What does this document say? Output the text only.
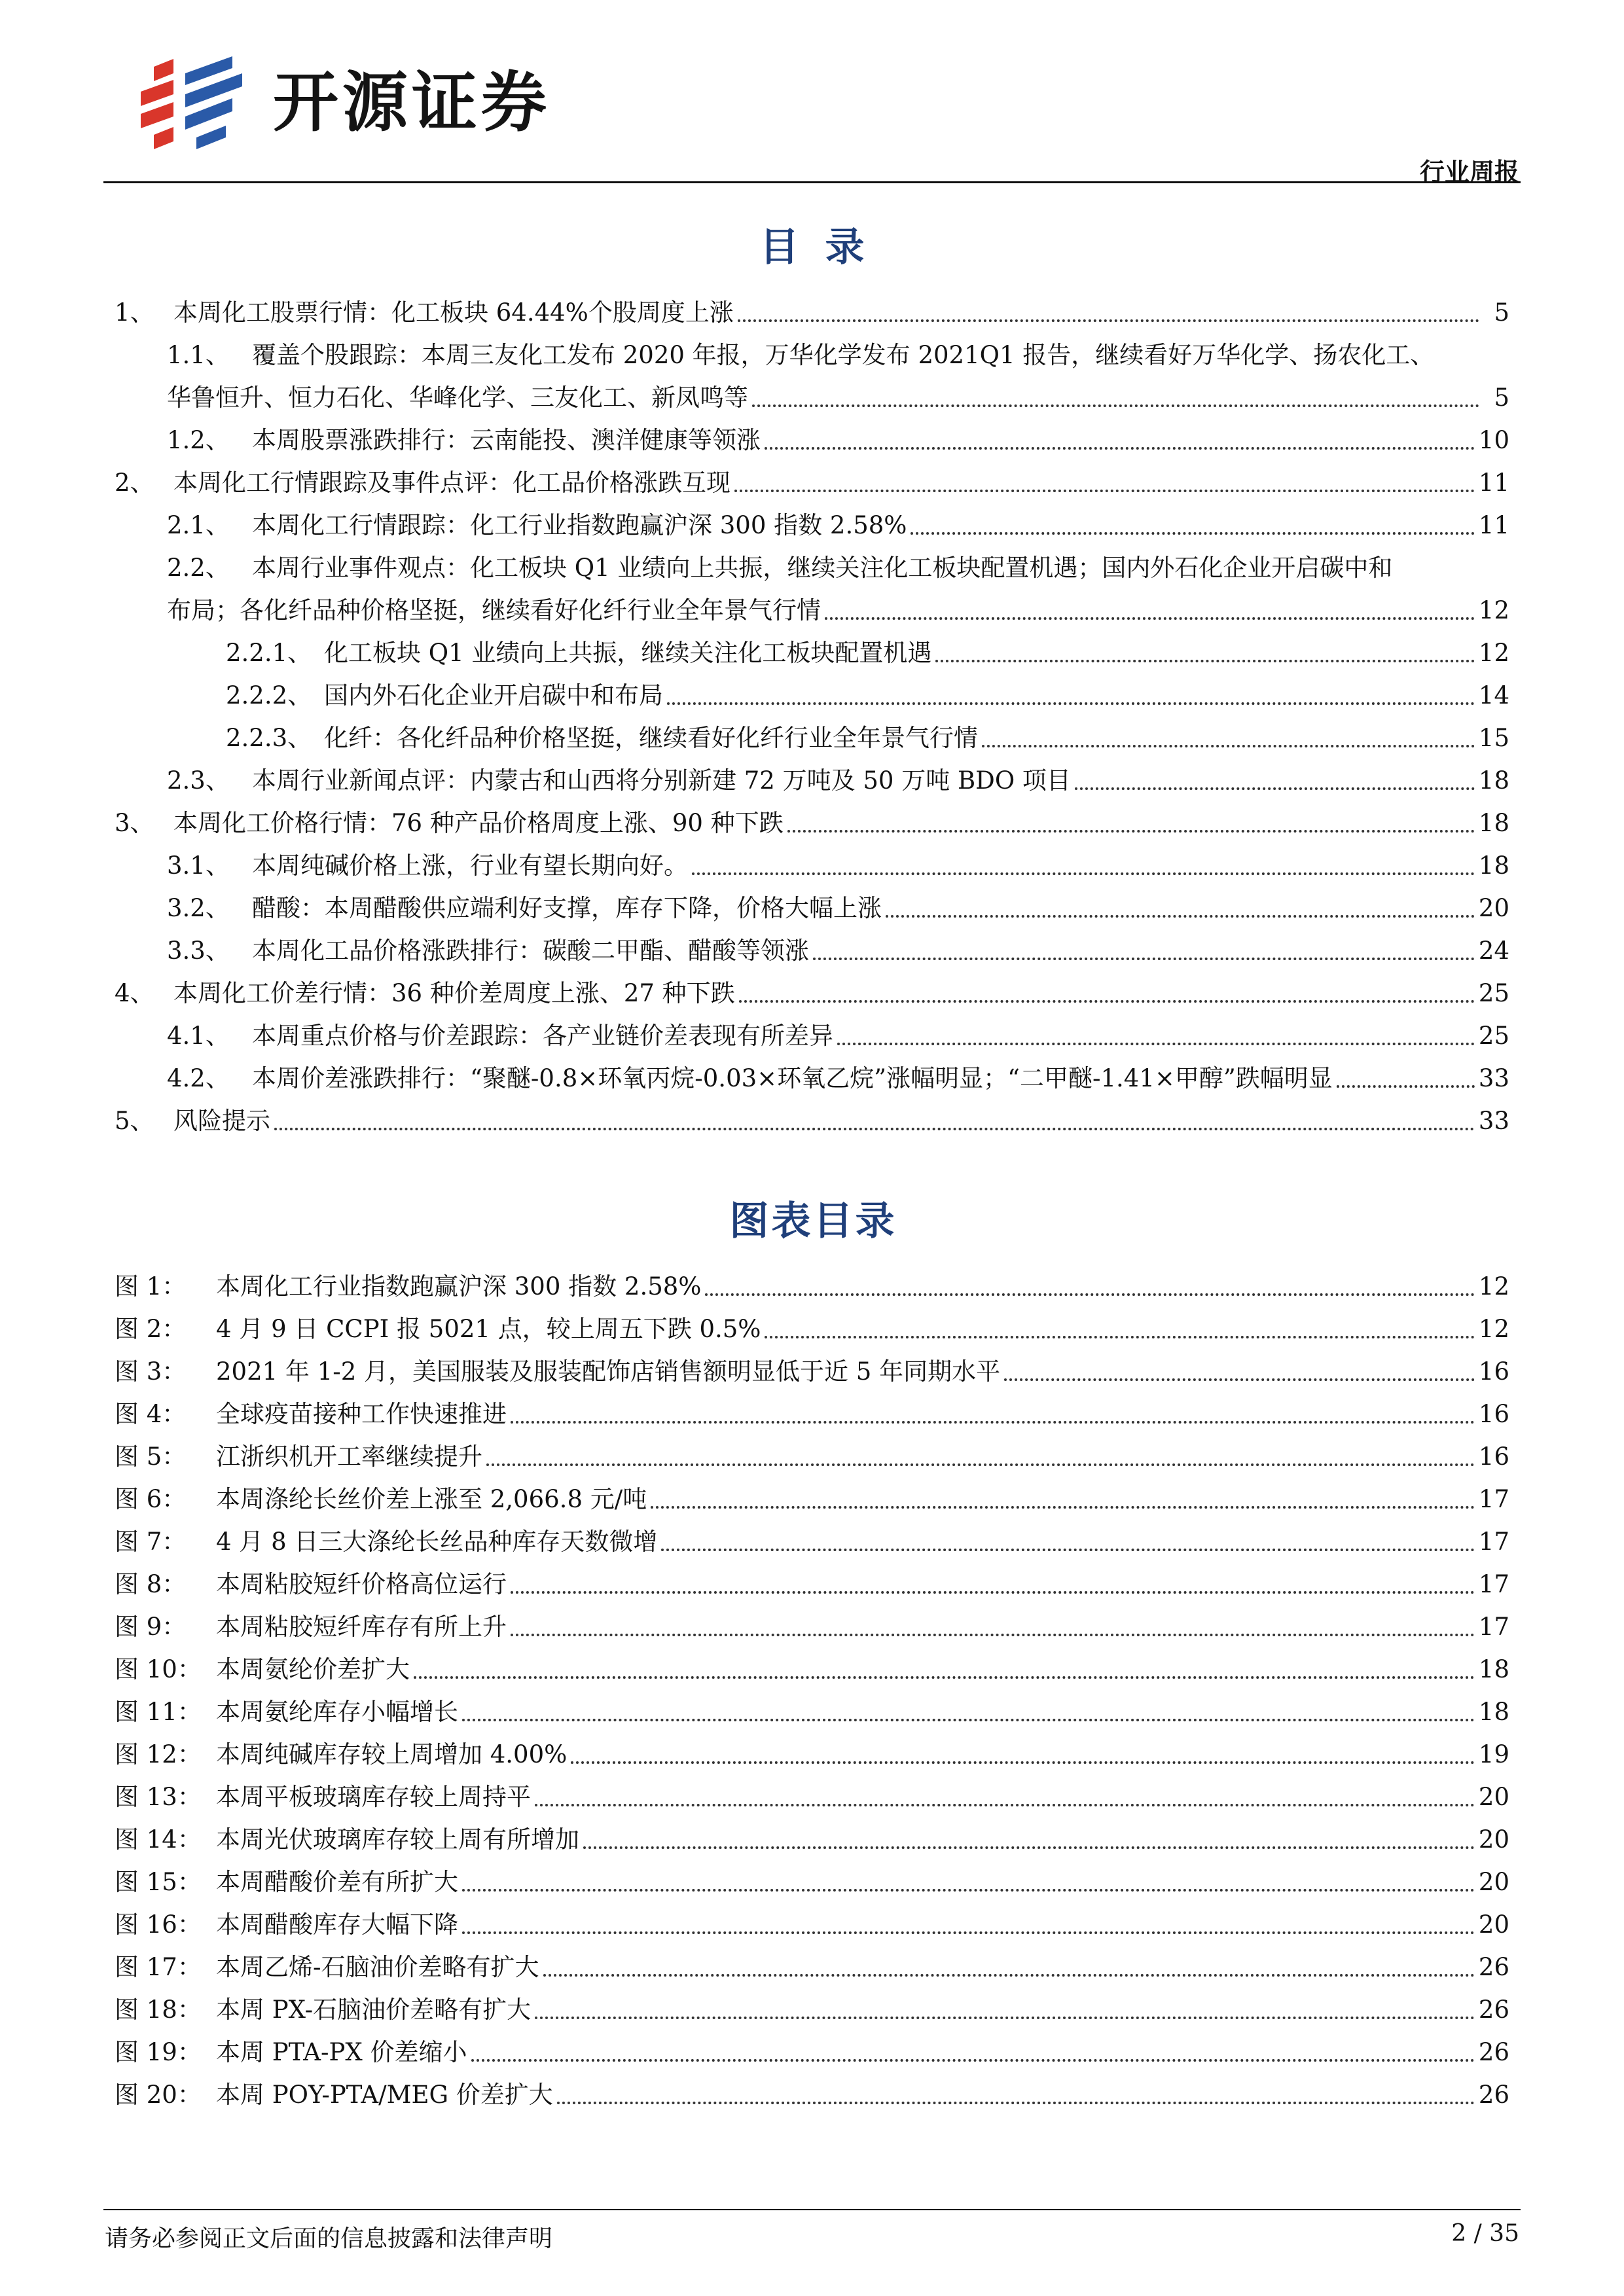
开源证券
行业周报
目录
1、 本周化工股票行情：化工板块 64.44%个股周度上涨	5
1.1、 覆盖个股跟踪：本周三友化工发布 2020 年报，万华化学发布 2021Q1 报告，继续看好万华化学、扬农化工、
华鲁恒升、恒力石化、华峰化学、三友化工、新凤鸣等	5
1.2、 本周股票涨跌排行：云南能投、澳洋健康等领涨	10
2、 本周化工行情跟踪及事件点评：化工品价格涨跌互现	11
2.1、 本周化工行情跟踪：化工行业指数跑赢沪深 300 指数 2.58%	11
2.2、 本周行业事件观点：化工板块 Q1 业绩向上共振，继续关注化工板块配置机遇；国内外石化企业开启碳中和
布局；各化纤品种价格坚挺，继续看好化纤行业全年景气行情	12
2.2.1、 化工板块 Q1 业绩向上共振，继续关注化工板块配置机遇	12
2.2.2、 国内外石化企业开启碳中和布局	14
2.2.3、 化纤：各化纤品种价格坚挺，继续看好化纤行业全年景气行情	15
2.3、 本周行业新闻点评：内蒙古和山西将分别新建 72 万吨及 50 万吨 BDO 项目	18
3、 本周化工价格行情：76 种产品价格周度上涨、90 种下跌	18
3.1、 本周纯碱价格上涨，行业有望长期向好。	18
3.2、 醋酸：本周醋酸供应端利好支撑，库存下降，价格大幅上涨	20
3.3、 本周化工品价格涨跌排行：碳酸二甲酯、醋酸等领涨	24
4、 本周化工价差行情：36 种价差周度上涨、27 种下跌	25
4.1、 本周重点价格与价差跟踪：各产业链价差表现有所差异	25
4.2、 本周价差涨跌排行：“聚醚-0.8×环氧丙烷-0.03×环氧乙烷”涨幅明显；“二甲醚-1.41×甲醇”跌幅明显	33
5、 风险提示	33
图表目录
图 1：	本周化工行业指数跑赢沪深 300 指数 2.58%	12
图 2：	4 月 9 日 CCPI 报 5021 点，较上周五下跌 0.5%	12
图 3：	2021 年 1-2 月，美国服装及服装配饰店销售额明显低于近 5 年同期水平	16
图 4：	全球疫苗接种工作快速推进	16
图 5：	江浙织机开工率继续提升	16
图 6：	本周涤纶长丝价差上涨至 2,066.8 元/吨	17
图 7：	4 月 8 日三大涤纶长丝品种库存天数微增	17
图 8：	本周粘胶短纤价格高位运行	17
图 9：	本周粘胶短纤库存有所上升	17
图 10： 本周氨纶价差扩大	18
图 11： 本周氨纶库存小幅增长	18
图 12： 本周纯碱库存较上周增加 4.00%	19
图 13： 本周平板玻璃库存较上周持平	20
图 14： 本周光伏玻璃库存较上周有所增加	20
图 15： 本周醋酸价差有所扩大	20
图 16： 本周醋酸库存大幅下降	20
图 17： 本周乙烯-石脑油价差略有扩大	26
图 18： 本周 PX-石脑油价差略有扩大	26
图 19： 本周 PTA-PX 价差缩小	26
图 20： 本周 POY-PTA/MEG 价差扩大	26
请务必参阅正文后面的信息披露和法律声明	2 / 35
